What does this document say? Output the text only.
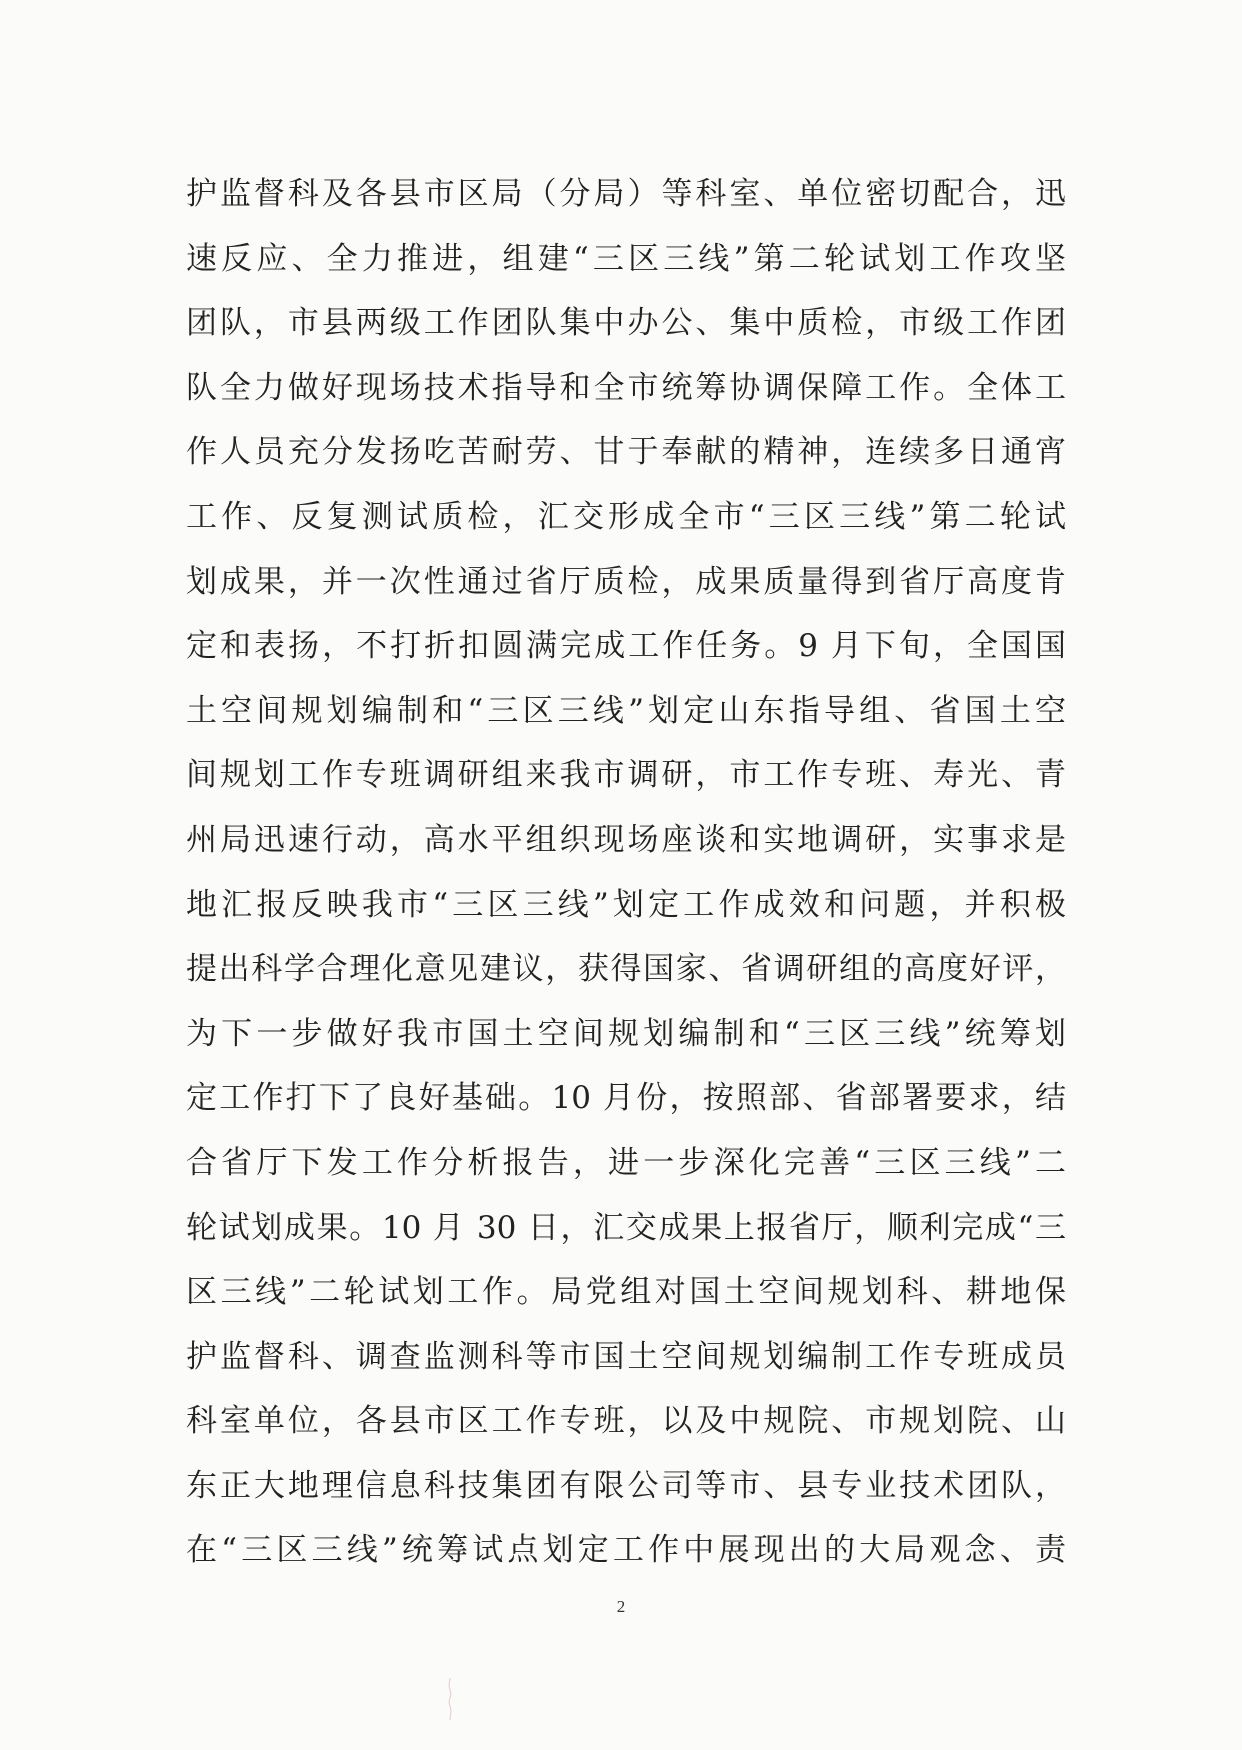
护监督科及各县市区局（分局）等科室、单位密切配合，迅
速反应、全力推进，组建“三区三线”第二轮试划工作攻坚
团队，市县两级工作团队集中办公、集中质检，市级工作团
队全力做好现场技术指导和全市统筹协调保障工作。全体工
作人员充分发扬吃苦耐劳、甘于奉献的精神，连续多日通宵
工作、反复测试质检，汇交形成全市“三区三线”第二轮试
划成果，并一次性通过省厅质检，成果质量得到省厅高度肯
定和表扬，不打折扣圆满完成工作任务。9 月下旬，全国国
土空间规划编制和“三区三线”划定山东指导组、省国土空
间规划工作专班调研组来我市调研，市工作专班、寿光、青
州局迅速行动，高水平组织现场座谈和实地调研，实事求是
地汇报反映我市“三区三线”划定工作成效和问题，并积极
提出科学合理化意见建议，获得国家、省调研组的高度好评，
为下一步做好我市国土空间规划编制和“三区三线”统筹划
定工作打下了良好基础。10 月份，按照部、省部署要求，结
合省厅下发工作分析报告，进一步深化完善“三区三线”二
轮试划成果。10 月 30 日，汇交成果上报省厅，顺利完成“三
区三线”二轮试划工作。局党组对国土空间规划科、耕地保
护监督科、调查监测科等市国土空间规划编制工作专班成员
科室单位，各县市区工作专班，以及中规院、市规划院、山
东正大地理信息科技集团有限公司等市、县专业技术团队，
在“三区三线”统筹试点划定工作中展现出的大局观念、责
2
